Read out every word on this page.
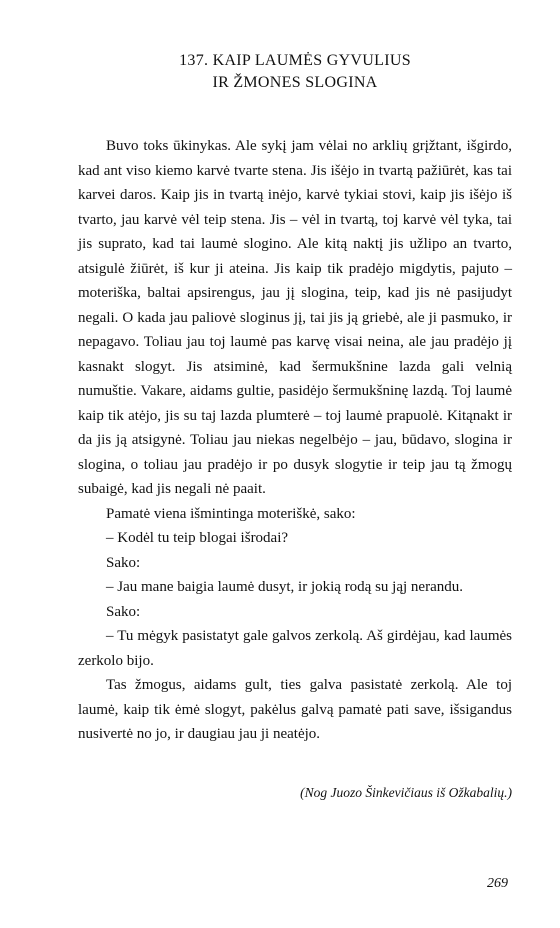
137. KAIP LAUMĖS GYVULIUS
IR ŽMONES SLOGINA

Buvo toks ūkinykas. Ale sykį jam vėlai no arklių grįžtant, išgirdo, kad ant viso kiemo karvė tvarte stena. Jis išėjo in tvartą pažiūrėt, kas tai karvei daros. Kaip jis in tvartą inėjo, karvė tykiai stovi, kaip jis išėjo iš tvarto, jau karvė vėl teip stena. Jis – vėl in tvartą, toj karvė vėl tyka, tai jis suprato, kad tai laumė slogino. Ale kitą naktį jis užlipo an tvarto, atsigulė žiūrėt, iš kur ji ateina. Jis kaip tik pradėjo migdytis, pajuto – moteriška, baltai apsirengus, jau jį slogina, teip, kad jis nė pasijudyt negali. O kada jau paliovė sloginus jį, tai jis ją griebė, ale ji pasmuko, ir nepagavo. Toliau jau toj laumė pas karvę visai neina, ale jau pradėjo jį kasnakt slogyt. Jis atsiminė, kad šermukšnine lazda gali velnią numuštie. Vakare, aidams gultie, pasidėjo šermukšninę lazdą. Toj laumė kaip tik atėjo, jis su taj lazda plumterė – toj laumė prapuolė. Kitąnakt ir da jis ją atsigynė. Toliau jau niekas negelbėjo – jau, būdavo, slogina ir slogina, o toliau jau pradėjo ir po dusyk slogytie ir teip jau tą žmogų subaigė, kad jis negali nė paait.

Pamatė viena išmintinga moteriškė, sako:

– Kodėl tu teip blogai išrodai?

Sako:

– Jau mane baigia laumė dusyt, ir jokią rodą su jąj nerandu.

Sako:

– Tu mėgyk pasistatyt gale galvos zerkolą. Aš girdėjau, kad laumės zerkolo bijo.

Tas žmogus, aidams gult, ties galva pasistatė zerkolą. Ale toj laumė, kaip tik ėmė slogyt, pakėlus galvą pamatė pati save, išsigandus nusivertė no jo, ir daugiau jau ji neatėjo.

(Nog Juozo Šinkevičiaus iš Ožkabalių.)
269
